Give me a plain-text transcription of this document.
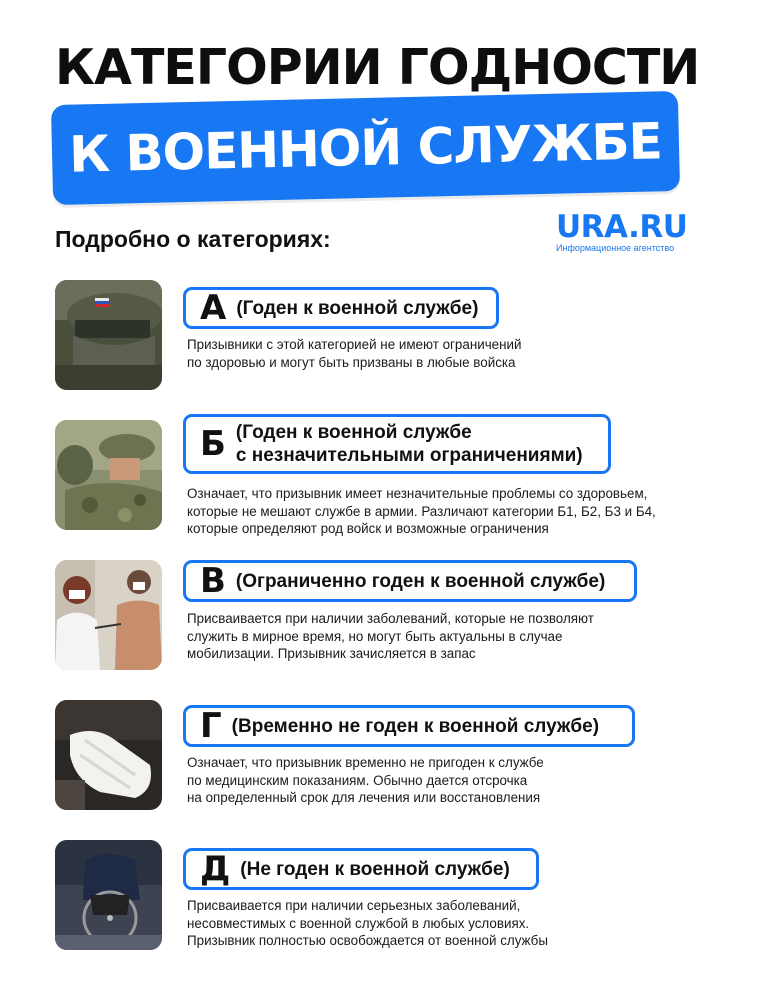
КАТЕГОРИИ ГОДНОСТИ
К ВОЕННОЙ СЛУЖБЕ
Подробно о категориях:	URA.RU
Информационное агентство
А (Годен к военной службе)
Призывники с этой категорией не имеют ограничений
по здоровью и могут быть призваны в любые войска
Б (Годен к военной службе
с незначительными ограничениями)
Означает, что призывник имеет незначительные проблемы со здоровьем,
которые не мешают службе в армии. Различают категории Б1, Б2, Б3 и Б4,
которые определяют род войск и возможные ограничения
В (Ограниченно годен к военной службе)
Присваивается при наличии заболеваний, которые не позволяют
служить в мирное время, но могут быть актуальны в случае
мобилизации. Призывник зачисляется в запас
Г (Временно не годен к военной службе)
Означает, что призывник временно не пригоден к службе
по медицинским показаниям. Обычно дается отсрочка
на определенный срок для лечения или восстановления
Д (Не годен к военной службе)
Присваивается при наличии серьезных заболеваний,
несовместимых с военной службой в любых условиях.
Призывник полностью освобождается от военной службы
